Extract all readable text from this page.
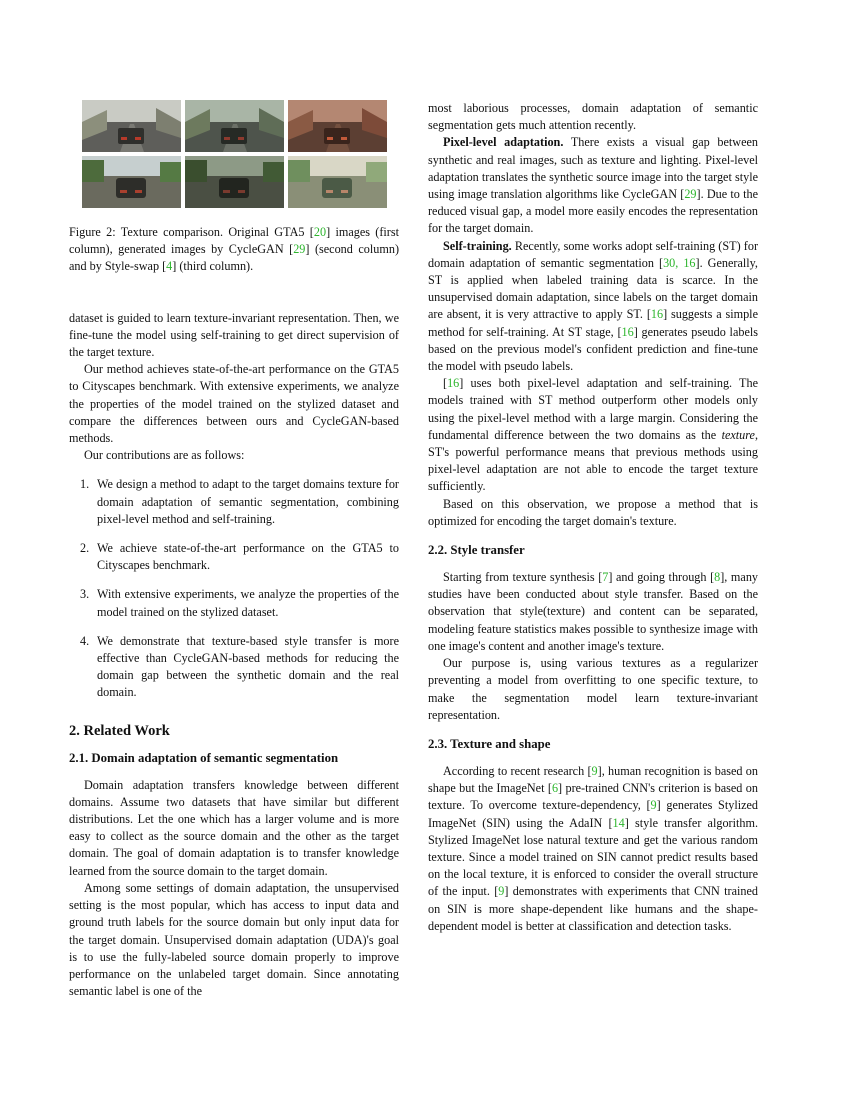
Figure 2: Texture comparison. Original GTA5 [20] images (first column), generated images by CycleGAN [29] (second column) and by Style-swap [4] (third column).

dataset is guided to learn texture-invariant representation. Then, we fine-tune the model using self-training to get direct supervision of the target texture.

Our method achieves state-of-the-art performance on the GTA5 to Cityscapes benchmark. With extensive experiments, we analyze the properties of the model trained on the stylized dataset and compare the differences between ours and CycleGAN-based methods.

Our contributions are as follows:

1. We design a method to adapt to the target domains texture for domain adaptation of semantic segmentation, combining pixel-level method and self-training.
2. We achieve state-of-the-art performance on the GTA5 to Cityscapes benchmark.
3. With extensive experiments, we analyze the properties of the model trained on the stylized dataset.
4. We demonstrate that texture-based style transfer is more effective than CycleGAN-based methods for reducing the domain gap between the synthetic domain and the real domain.
2. Related Work
2.1. Domain adaptation of semantic segmentation

Domain adaptation transfers knowledge between different domains. Assume two datasets that have similar but different distributions. Let the one which has a larger volume and is more easy to collect as the source domain and the other as the target domain. The goal of domain adaptation is to transfer knowledge learned from the source domain to the target domain.

Among some settings of domain adaptation, the unsupervised setting is the most popular, which has access to input data and ground truth labels for the source domain but only input data for the target domain. Unsupervised domain adaptation (UDA)'s goal is to use the fully-labeled source domain properly to improve performance on the unlabeled target domain. Since annotating semantic label is one of the

most laborious processes, domain adaptation of semantic segmentation gets much attention recently.

Pixel-level adaptation. There exists a visual gap between synthetic and real images, such as texture and lighting. Pixel-level adaptation translates the synthetic source image into the target style using image translation algorithms like CycleGAN [29]. Due to the reduced visual gap, a model more easily encodes the representation for the target domain.

Self-training. Recently, some works adopt self-training (ST) for domain adaptation of semantic segmentation [30, 16]. Generally, ST is applied when labeled training data is scarce. In the unsupervised domain adaptation, since labels on the target domain are absent, it is very attractive to apply ST. [16] suggests a simple method for self-training. At ST stage, [16] generates pseudo labels based on the previous model's confident prediction and fine-tune the model with pseudo labels.

[16] uses both pixel-level adaptation and self-training. The models trained with ST method outperform other models only using the pixel-level method with a large margin. Considering the fundamental difference between the two domains as the texture, ST's powerful performance means that previous methods using pixel-level adaptation are not able to encode the target texture sufficiently.

Based on this observation, we propose a method that is optimized for encoding the target domain's texture.

2.2. Style transfer

Starting from texture synthesis [7] and going through [8], many studies have been conducted about style transfer. Based on the observation that style(texture) and content can be separated, modeling feature statistics makes possible to synthesize image with one image's content and another image's texture.

Our purpose is, using various textures as a regularizer preventing a model from overfitting to one specific texture, to make the segmentation model learn texture-invariant representation.

2.3. Texture and shape

According to recent research [9], human recognition is based on shape but the ImageNet [6] pre-trained CNN's criterion is based on texture. To overcome texture-dependency, [9] generates Stylized ImageNet (SIN) using the AdaIN [14] style transfer algorithm. Stylized ImageNet lose natural texture and get the various random texture. Since a model trained on SIN cannot predict results based on the local texture, it is enforced to consider the overall structure of the input. [9] demonstrates with experiments that CNN trained on SIN is more shape-dependent like humans and the shape-dependent model is better at classification and detection tasks.
